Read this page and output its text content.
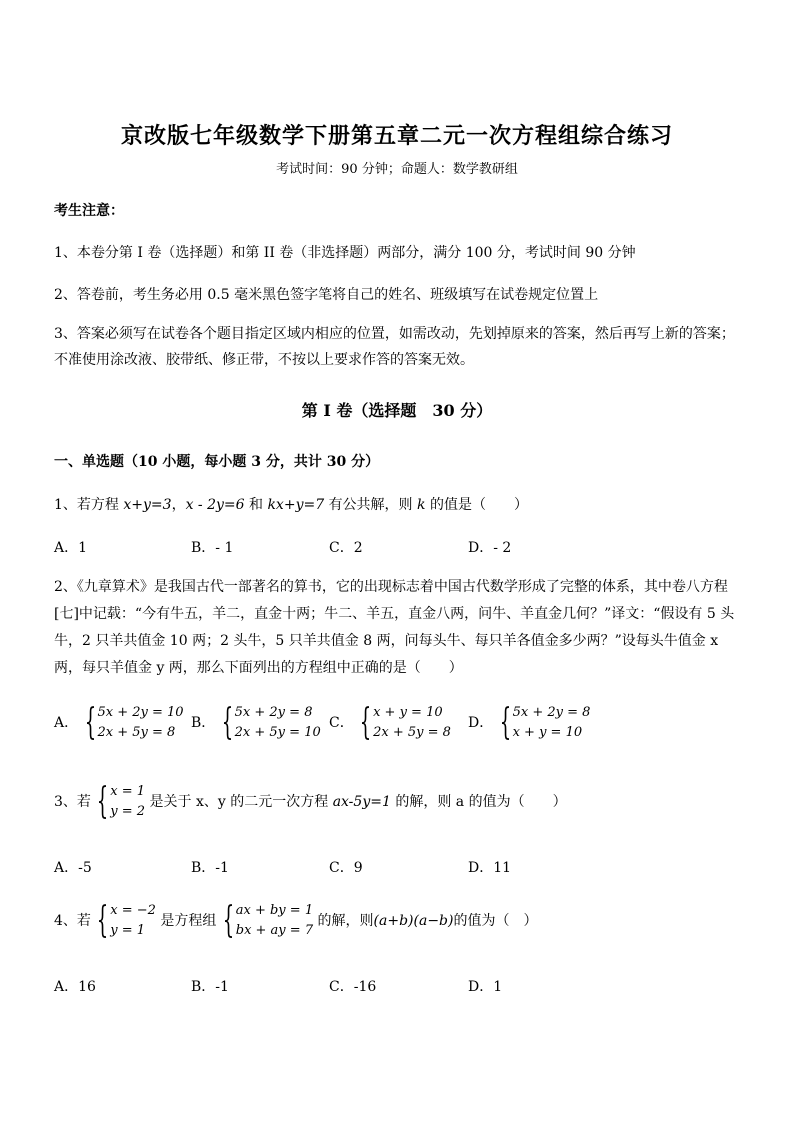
京改版七年级数学下册第五章二元一次方程组综合练习
考试时间：90 分钟；命题人：数学教研组
考生注意：
1、本卷分第 I 卷（选择题）和第 II 卷（非选择题）两部分，满分 100 分，考试时间 90 分钟
2、答卷前，考生务必用 0.5 毫米黑色签字笔将自己的姓名、班级填写在试卷规定位置上
3、答案必须写在试卷各个题目指定区域内相应的位置，如需改动，先划掉原来的答案，然后再写上新的答案；不准使用涂改液、胶带纸、修正带，不按以上要求作答的答案无效。
第 I 卷（选择题　30 分）
一、单选题（10 小题，每小题 3 分，共计 30 分）
1、若方程 x+y=3，x - 2y=6 和 kx+y=7 有公共解，则 k 的值是（　　）
A．1	B．- 1	C．2	D．- 2
2、《九章算术》是我国古代一部著名的算书，它的出现标志着中国古代数学形成了完整的体系，其中卷八方程[七]中记载：“今有牛五，羊二，直金十两；牛二、羊五，直金八两，问牛、羊直金几何？”译文：“假设有 5 头牛，2 只羊共值金 10 两；2 头牛，5 只羊共值金 8 两，问每头牛、每只羊各值金多少两？”设每头牛值金 x 两，每只羊值金 y 两，那么下面列出的方程组中正确的是（　　）
A． { 5x + 2y = 10
2x + 5y = 8
B． { 5x + 2y = 8
2x + 5y = 10
C． { x + y = 10
2x + 5y = 8
D． { 5x + 2y = 8
x + y = 10
3、若 { x = 1
y = 2
是关于 x、y 的二元一次方程 ax-5y=1 的解，则 a 的值为（　　）
A．-5	B．-1	C．9	D．11
4、若 { x = −2
y = 1
是方程组 { ax + by = 1
bx + ay = 7
的解，则(a+b)(a−b)的值为（　）
A．16	B．-1	C．-16	D．1
